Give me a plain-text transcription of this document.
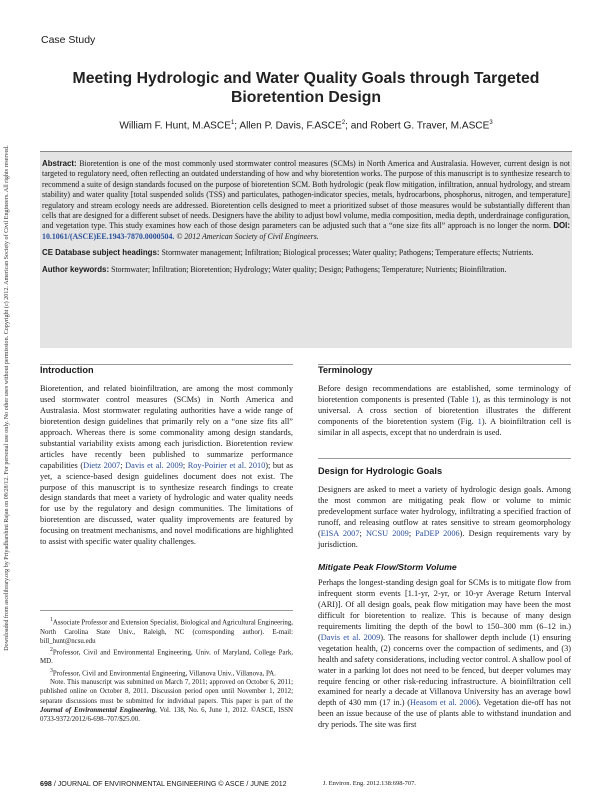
Downloaded from ascelibrary.org by Priyadharshini Rajan on 08/28/12. For personal use only. No other uses without permission. Copyright (c) 2012. American Society of Civil Engineers. All rights reserved.
Case Study
Meeting Hydrologic and Water Quality Goals through Targeted Bioretention Design
William F. Hunt, M.ASCE$^1$; Allen P. Davis, F.ASCE$^2$; and Robert G. Traver, M.ASCE$^3$

Abstract: Bioretention is one of the most commonly used stormwater control measures (SCMs) in North America and Australasia. However, current design is not targeted to regulatory need, often reflecting an outdated understanding of how and why bioretention works. The purpose of this manuscript is to synthesize research to recommend a suite of design standards focused on the purpose of bioretention SCM. Both hydrologic (peak flow mitigation, infiltration, annual hydrology, and stream stability) and water quality [total suspended solids (TSS) and particulates, pathogen-indicator species, metals, hydrocarbons, phosphorus, nitrogen, and temperature] regulatory and stream ecology needs are addressed. Bioretention cells designed to meet a prioritized subset of those measures would be substantially different than cells that are designed for a different subset of needs. Designers have the ability to adjust bowl volume, media composition, media depth, underdrainage configuration, and vegetation type. This study examines how each of those design parameters can be adjusted such that a “one size fits all” approach is no longer the norm. DOI: 10.1061/(ASCE)EE.1943-7870.0000504. © 2012 American Society of Civil Engineers.

CE Database subject headings: Stormwater management; Infiltration; Biological processes; Water quality; Pathogens; Temperature effects; Nutrients.

Author keywords: Stormwater; Infiltration; Bioretention; Hydrology; Water quality; Design; Pathogens; Temperature; Nutrients; Bioinfiltration.

Introduction

Bioretention, and related bioinfiltration, are among the most commonly used stormwater control measures (SCMs) in North America and Australasia. Most stormwater regulating authorities have a wide range of bioretention design guidelines that primarily rely on a “one size fits all” approach. Whereas there is some commonality among design standards, substantial variability exists among each jurisdiction. Bioretention review articles have recently been published to summarize performance capabilities (Dietz 2007; Davis et al. 2009; Roy-Poirier et al. 2010); but as yet, a science-based design guidelines document does not exist. The purpose of this manuscript is to synthesize research findings to create design standards that meet a variety of hydrologic and water quality needs for use by the regulatory and design communities. The limitations of bioretention are discussed, water quality improvements are featured by focusing on treatment mechanisms, and novel modifications are highlighted to assist with specific water quality challenges.

$^1$Associate Professor and Extension Specialist, Biological and Agricultural Engineering, North Carolina State Univ., Raleigh, NC (corresponding author). E-mail: bill_hunt@ncsu.edu

$^2$Professor, Civil and Environmental Engineering, Univ. of Maryland, College Park, MD.

$^3$Professor, Civil and Environmental Engineering, Villanova Univ., Villanova, PA.

Note. This manuscript was submitted on March 7, 2011; approved on October 6, 2011; published online on October 8, 2011. Discussion period open until November 1, 2012; separate discussions must be submitted for individual papers. This paper is part of the Journal of Environmental Engineering, Vol. 138, No. 6, June 1, 2012. ©ASCE, ISSN 0733-9372/2012/6-698–707/$25.00.

Terminology

Before design recommendations are established, some terminology of bioretention components is presented (Table 1), as this terminology is not universal. A cross section of bioretention illustrates the different components of the bioretention system (Fig. 1). A bioinfiltration cell is similar in all aspects, except that no underdrain is used.

Design for Hydrologic Goals

Designers are asked to meet a variety of hydrologic design goals. Among the most common are mitigating peak flow or volume to mimic predevelopment surface water hydrology, infiltrating a specified fraction of runoff, and releasing outflow at rates sensitive to stream geomorphology (EISA 2007; NCSU 2009; PaDEP 2006). Design requirements vary by jurisdiction.

Mitigate Peak Flow/Storm Volume

Perhaps the longest-standing design goal for SCMs is to mitigate flow from infrequent storm events [1.1-yr, 2-yr, or 10-yr Average Return Interval (ARI)]. Of all design goals, peak flow mitigation may have been the most difficult for bioretention to realize. This is because of many design requirements limiting the depth of the bowl to 150–300 mm (6–12 in.) (Davis et al. 2009). The reasons for shallower depth include (1) ensuring vegetation health, (2) concerns over the compaction of sediments, and (3) health and safety considerations, including vector control. A shallow pool of water in a parking lot does not need to be fenced, but deeper volumes may require fencing or other risk-reducing infrastructure. A bioinfiltration cell examined for nearly a decade at Villanova University has an average bowl depth of 430 mm (17 in.) (Heasom et al. 2006). Vegetation die-off has not been an issue because of the use of plants able to withstand inundation and dry periods. The site was first

698 / JOURNAL OF ENVIRONMENTAL ENGINEERING © ASCE / JUNE 2012	J. Environ. Eng. 2012.138:698-707.
